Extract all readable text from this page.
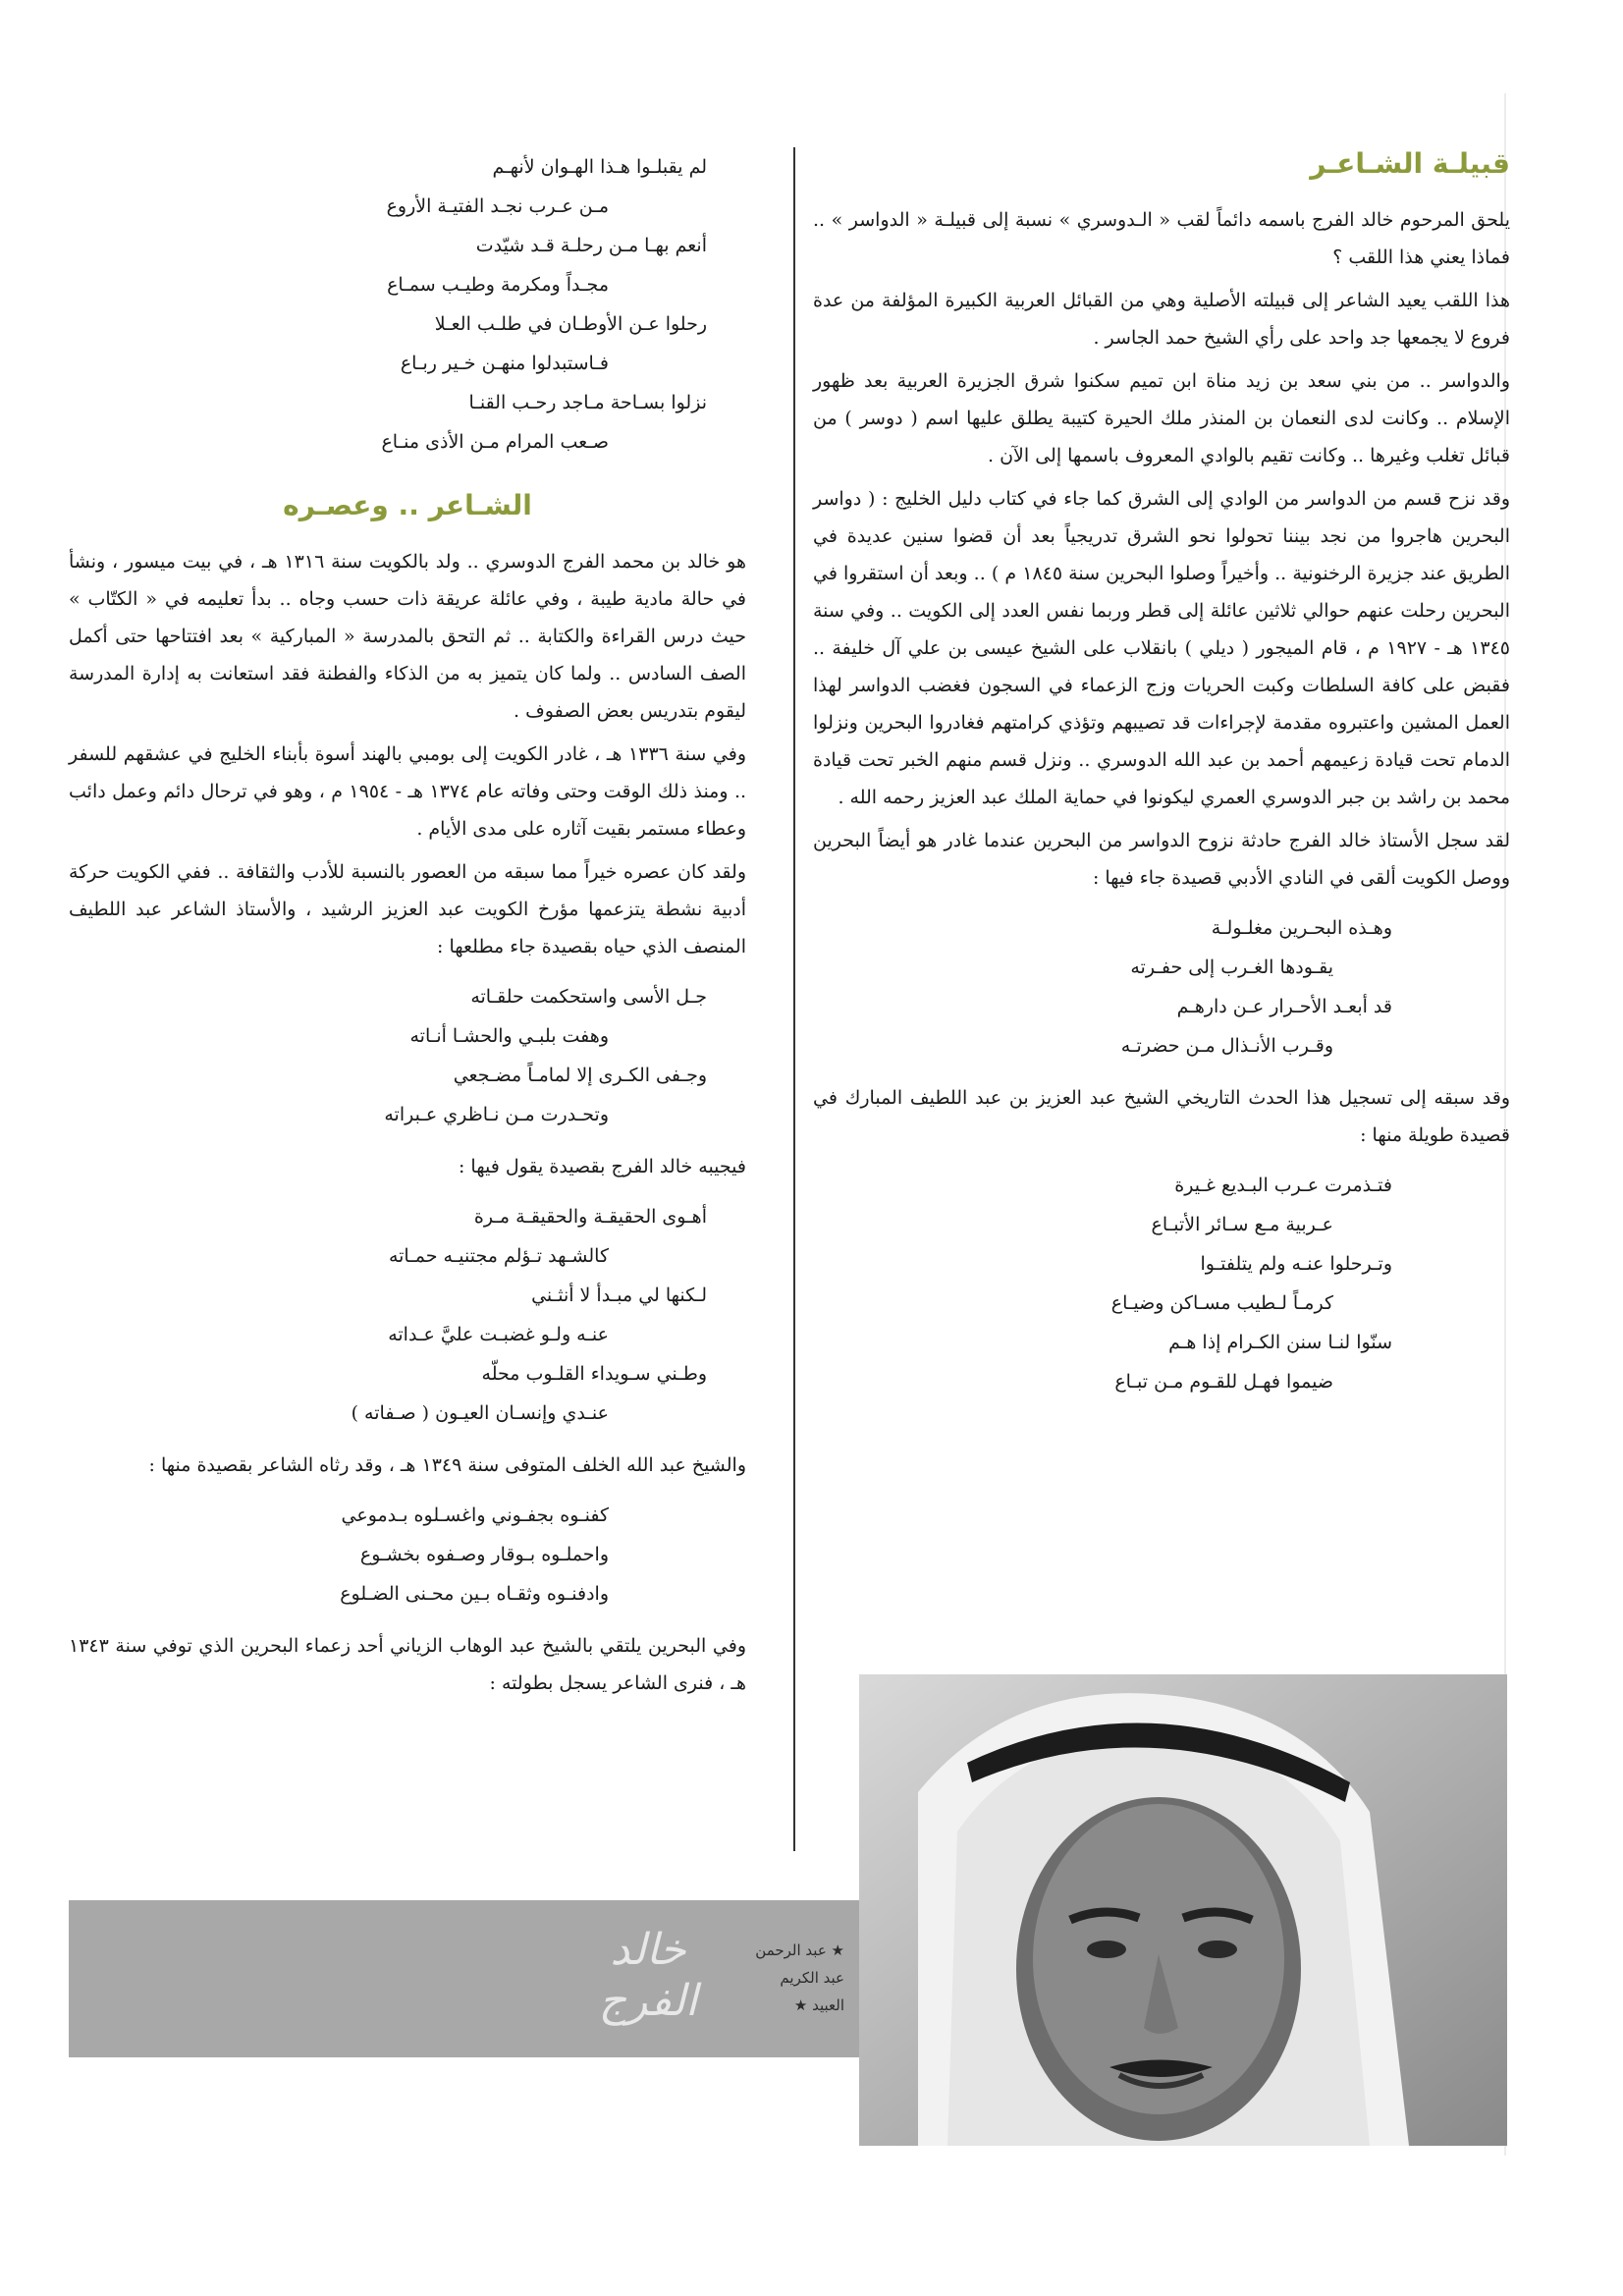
قبيلـة الشـاعـر

يلحق المرحوم خالد الفرج باسمه دائماً لقب « الـدوسري » نسبة إلى قبيلـة « الدواسر » .. فماذا يعني هذا اللقب ؟

هذا اللقب يعيد الشاعر إلى قبيلته الأصلية وهي من القبائل العربية الكبيرة المؤلفة من عدة فروع لا يجمعها جد واحد على رأي الشيخ حمد الجاسر .

والدواسر .. من بني سعد بن زيد مناة ابن تميم سكنوا شرق الجزيرة العربية بعد ظهور الإسلام .. وكانت لدى النعمان بن المنذر ملك الحيرة كتيبة يطلق عليها اسم ( دوسر ) من قبائل تغلب وغيرها .. وكانت تقيم بالوادي المعروف باسمها إلى الآن .

وقد نزح قسم من الدواسر من الوادي إلى الشرق كما جاء في كتاب دليل الخليج : ( دواسر البحرين هاجروا من نجد بيننا تحولوا نحو الشرق تدريجياً بعد أن قضوا سنين عديدة في الطريق عند جزيرة الرخنونية .. وأخيراً وصلوا البحرين سنة ١٨٤٥ م ) .. وبعد أن استقروا في البحرين رحلت عنهم حوالي ثلاثين عائلة إلى قطر وربما نفس العدد إلى الكويت .. وفي سنة ١٣٤٥ هـ - ١٩٢٧ م ، قام الميجور ( ديلي ) بانقلاب على الشيخ عيسى بن علي آل خليفة .. فقبض على كافة السلطات وكبت الحريات وزج الزعماء في السجون فغضب الدواسر لهذا العمل المشين واعتبروه مقدمة لإجراءات قد تصيبهم وتؤذي كرامتهم فغادروا البحرين ونزلوا الدمام تحت قيادة زعيمهم أحمد بن عبد الله الدوسري .. ونزل قسم منهم الخبر تحت قيادة محمد بن راشد بن جبر الدوسري العمري ليكونوا في حماية الملك عبد العزيز رحمه الله .

لقد سجل الأستاذ خالد الفرج حادثة نزوح الدواسر من البحرين عندما غادر هو أيضاً البحرين ووصل الكويت ألقى في النادي الأدبي قصيدة جاء فيها :

وهـذه البحـرين مغلـولـة
يقـودها الغـرب إلى حفـرته
قد أبعـد الأحـرار عـن دارهـم
وقـرب الأنـذال مـن حضرتـه

وقد سبقه إلى تسجيل هذا الحدث التاريخي الشيخ عبد العزيز بن عبد اللطيف المبارك في قصيدة طويلة منها :

فتـذمرت عـرب البـديع غـيرة
عـربية مـع سـائر الأتبـاع
وتـرحلوا عنـه ولم يتلفتـوا
كرمـاً لـطيب مسـاكن وضيـاع
سنّوا لنـا سنن الكـرام إذا هـم
ضيموا فهـل للقـوم مـن تبـاع
لم يقبلـوا هـذا الهـوان لأنهـم
مـن عـرب نجـد الفتيـة الأروع
أنعم بهـا مـن رحلـة قـد شيّدت
مجـداً ومكرمة وطيـب سمـاع
رحلوا عـن الأوطـان في طلـب العـلا
فـاستبدلوا منهـن خـير ربـاع
نزلوا بسـاحة مـاجد رحـب القنـا
صـعب المرام مـن الأذى منـاع
الشـاعر .. وعصـره

هو خالد بن محمد الفرج الدوسري .. ولد بالكويت سنة ١٣١٦ هـ ، في بيت ميسور ، ونشأ في حالة مادية طيبة ، وفي عائلة عريقة ذات حسب وجاه .. بدأ تعليمه في « الكتّاب » حيث درس القراءة والكتابة .. ثم التحق بالمدرسة « المباركية » بعد افتتاحها حتى أكمل الصف السادس .. ولما كان يتميز به من الذكاء والفطنة فقد استعانت به إدارة المدرسة ليقوم بتدريس بعض الصفوف .

وفي سنة ١٣٣٦ هـ ، غادر الكويت إلى بومبي بالهند أسوة بأبناء الخليج في عشقهم للسفر .. ومنذ ذلك الوقت وحتى وفاته عام ١٣٧٤ هـ - ١٩٥٤ م ، وهو في ترحال دائم وعمل دائب وعطاء مستمر بقيت آثاره على مدى الأيام .

ولقد كان عصره خيراً مما سبقه من العصور بالنسبة للأدب والثقافة .. ففي الكويت حركة أدبية نشطة يتزعمها مؤرخ الكويت عبد العزيز الرشيد ، والأستاذ الشاعر عبد اللطيف المنصف الذي حياه بقصيدة جاء مطلعها :

جـل الأسى واستحكمت حلقـاته
وهفت بلبـي والحشـا أنـاته
وجـفى الكـرى إلا لمامـاً مضـجعي
وتحـدرت مـن نـاظري عـبراته

فيجيبه خالد الفرج بقصيدة يقول فيها :

أهـوى الحقيقـة والحقيقـة مـرة
كالشـهد تـؤلم مجتنيـه حمـاته
لـكنها لي مبـدأ لا أنثـني
عنـه ولـو غضبـت عليَّ عـداته
وطـني سـويداء القلـوب محلّه
عنـدي وإنسـان العيـون ( صـفاته )

والشيخ عبد الله الخلف المتوفى سنة ١٣٤٩ هـ ، وقد رثاه الشاعر بقصيدة منها :

كفنـوه بجفـوني واغسـلوه بـدموعي
واحملـوه بـوقار وصـفوه بخشـوع
وادفنـوه وثقـاه بـين محـنى الضـلوع

وفي البحرين يلتقي بالشيخ عبد الوهاب الزياني أحد زعماء البحرين الذي توفي سنة ١٣٤٣ هـ ، فنرى الشاعر يسجل بطولته :

خالد
الفرج
★ عبد الرحمن
عبد الكريم
العبيد ★
